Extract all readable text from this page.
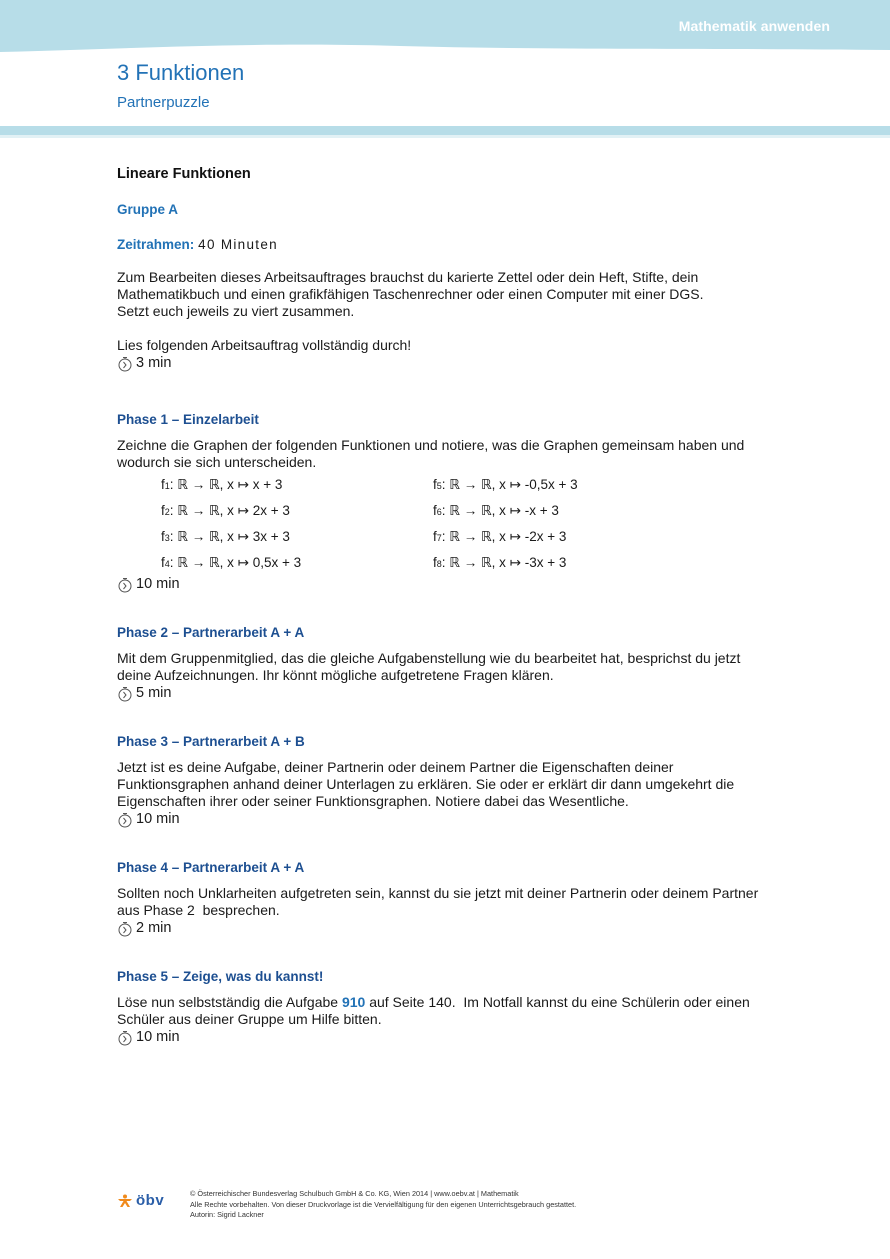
Mathematik anwenden
3 Funktionen
Partnerpuzzle
Lineare Funktionen
Gruppe A
Zeitrahmen: 40 Minuten

Zum Bearbeiten dieses Arbeitsauftrages brauchst du karierte Zettel oder dein Heft, Stifte, dein

Mathematikbuch und einen grafikfähigen Taschenrechner oder einen Computer mit einer DGS.

Setzt euch jeweils zu viert zusammen.

Lies folgenden Arbeitsauftrag vollständig durch!

3 min
Phase 1 – Einzelarbeit

Zeichne die Graphen der folgenden Funktionen und notiere, was die Graphen gemeinsam haben und

wodurch sie sich unterscheiden.

f1: ℝ → ℝ, x ↦ x + 3	f5: ℝ → ℝ, x ↦ -0,5x + 3
f2: ℝ → ℝ, x ↦ 2x + 3	f6: ℝ → ℝ, x ↦ -x + 3
f3: ℝ → ℝ, x ↦ 3x + 3	f7: ℝ → ℝ, x ↦ -2x + 3
f4: ℝ → ℝ, x ↦ 0,5x + 3	f8: ℝ → ℝ, x ↦ -3x + 3
10 min
Phase 2 – Partnerarbeit A + A

Mit dem Gruppenmitglied, das die gleiche Aufgabenstellung wie du bearbeitet hat, besprichst du jetzt

deine Aufzeichnungen. Ihr könnt mögliche aufgetretene Fragen klären.

5 min
Phase 3 – Partnerarbeit A + B

Jetzt ist es deine Aufgabe, deiner Partnerin oder deinem Partner die Eigenschaften deiner

Funktionsgraphen anhand deiner Unterlagen zu erklären. Sie oder er erklärt dir dann umgekehrt die

Eigenschaften ihrer oder seiner Funktionsgraphen. Notiere dabei das Wesentliche.

10 min
Phase 4 – Partnerarbeit A + A

Sollten noch Unklarheiten aufgetreten sein, kannst du sie jetzt mit deiner Partnerin oder deinem Partner

aus Phase 2  besprechen.

2 min
Phase 5 – Zeige, was du kannst!

Löse nun selbstständig die Aufgabe 910 auf Seite 140.  Im Notfall kannst du eine Schülerin oder einen

Schüler aus deiner Gruppe um Hilfe bitten.

10 min
öbv	© Österreichischer Bundesverlag Schulbuch GmbH & Co. KG, Wien 2014 | www.oebv.at | Mathematik
Alle Rechte vorbehalten. Von dieser Druckvorlage ist die Vervielfältigung für den eigenen Unterrichtsgebrauch gestattet.
Autorin: Sigrid Lackner
